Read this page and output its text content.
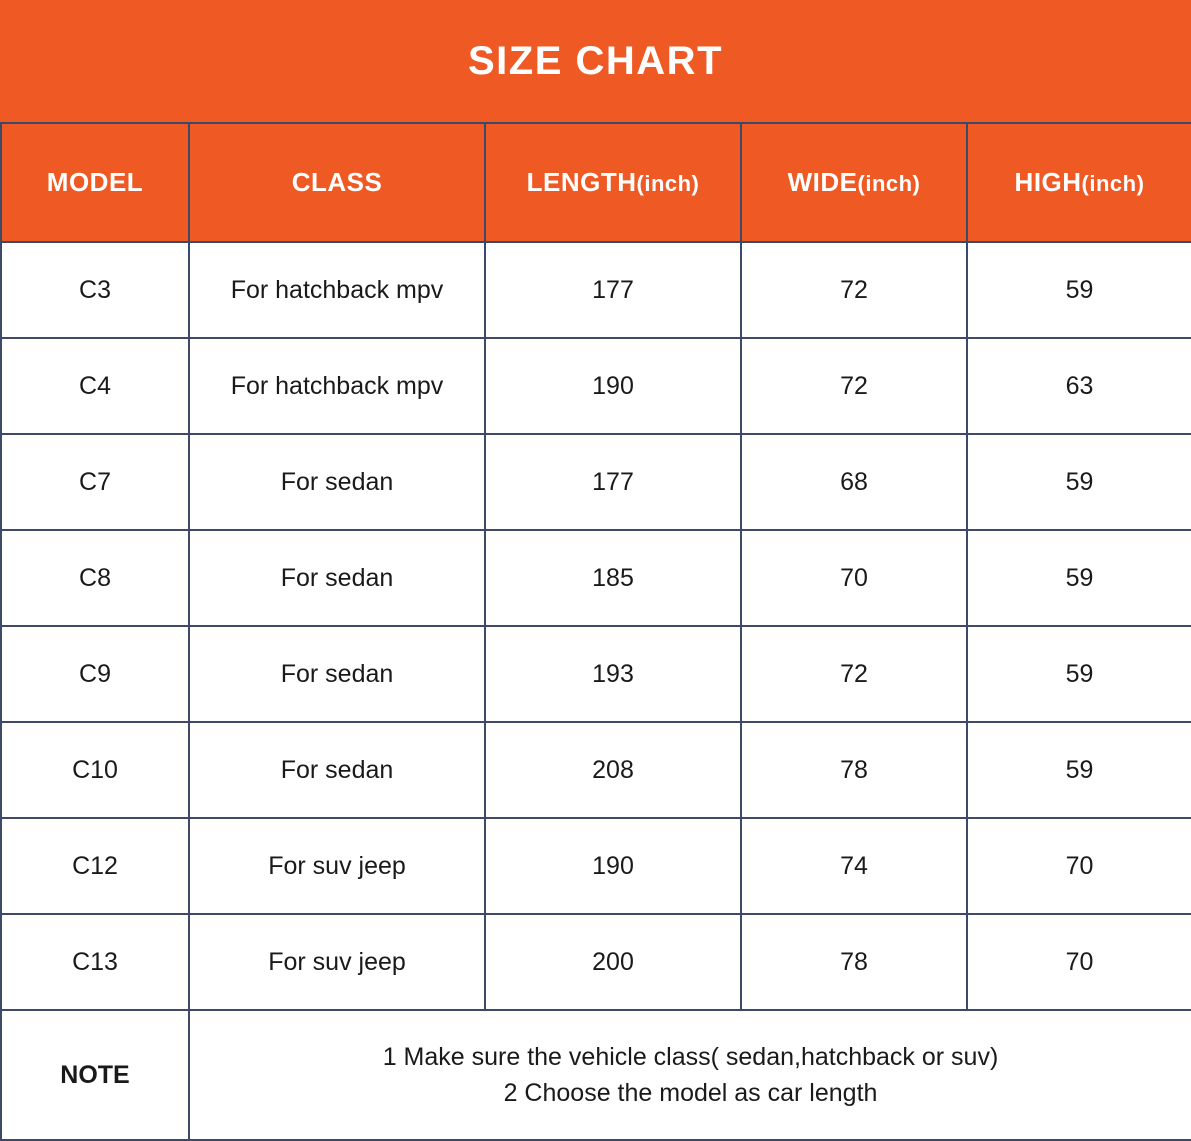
SIZE CHART
MODEL	CLASS	LENGTH(inch)	WIDE(inch)	HIGH(inch)
C3	For hatchback mpv	177	72	59
C4	For hatchback mpv	190	72	63
C7	For sedan	177	68	59
C8	For sedan	185	70	59
C9	For sedan	193	72	59
C10	For sedan	208	78	59
C12	For suv jeep	190	74	70
C13	For suv jeep	200	78	70
NOTE	1 Make sure the vehicle class( sedan,hatchback or suv)
2 Choose the model as car length			
